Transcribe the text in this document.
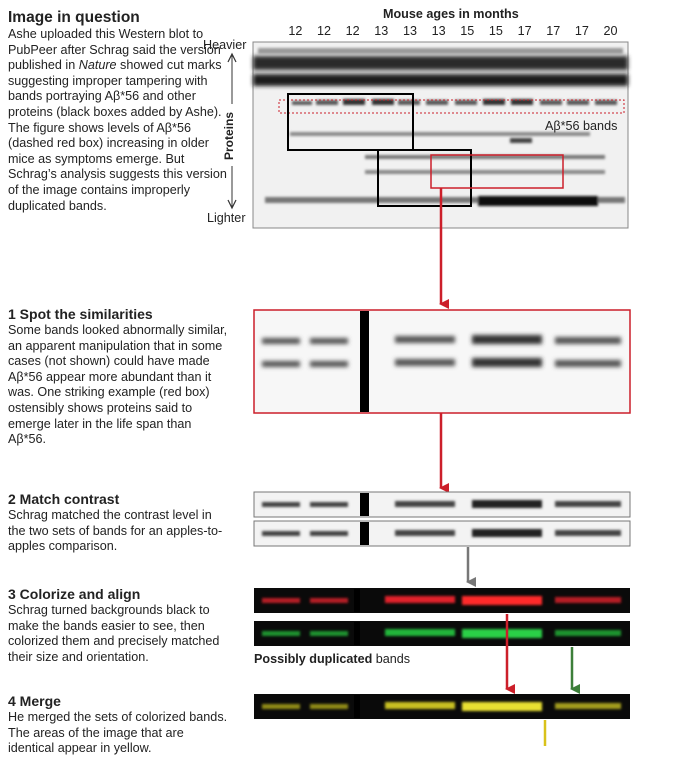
Image in question
Ashe uploaded this Western blot to PubPeer after Schrag said the version published in Nature showed cut marks suggesting improper tampering with bands portraying Aβ*56 and other proteins (black boxes added by Ashe). The figure shows levels of Aβ*56 (dashed red box) increasing in older mice as symptoms emerge. But Schrag’s analysis suggests this version of the image contains improperly duplicated bands.
1 Spot the similarities
Some bands looked abnormally similar, an apparent manipulation that in some cases (not shown) could have made Aβ*56 appear more abundant than it was. One striking example (red box) ostensibly shows proteins said to emerge later in the life span than Aβ*56.
2 Match contrast
Schrag matched the contrast level in the two sets of bands for an apples-to-apples comparison.
3 Colorize and align
Schrag turned backgrounds black to make the bands easier to see, then colorized them and precisely matched their size and orientation.
4 Merge
He merged the sets of colorized bands. The areas of the image that are identical appear in yellow.
Mouse ages in months
12	12	12	13	13	13	15	15	17	17	17	20
Heavier
Lighter
Proteins	Aβ*56 bands
Possibly duplicated bands
